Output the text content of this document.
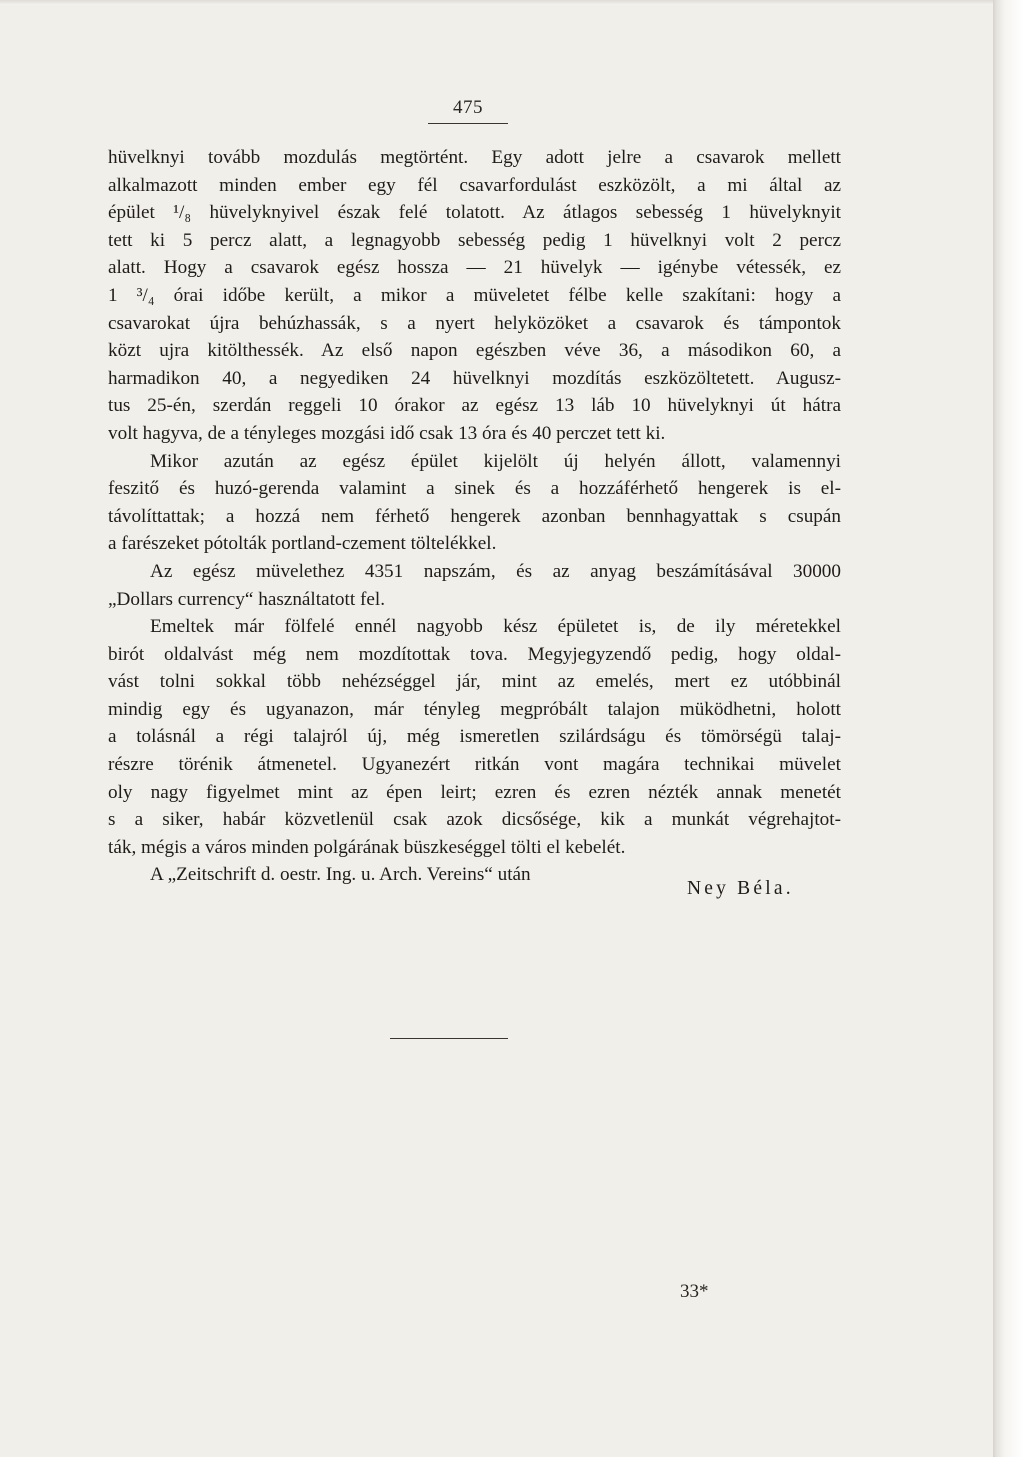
475
hüvelknyi tovább mozdulás megtörtént. Egy adott jelre a csavarok mellett
alkalmazott minden ember egy fél csavarfordulást eszközölt, a mi által az
épület ¹/₈ hüvelyknyivel észak felé tolatott. Az átlagos sebesség 1 hüvelyknyit
tett ki 5 percz alatt, a legnagyobb sebesség pedig 1 hüvelknyi volt 2 percz
alatt. Hogy a csavarok egész hossza — 21 hüvelyk — igénybe vétessék, ez
1 ³/₄ órai időbe került, a mikor a müveletet félbe kelle szakítani: hogy a
csavarokat újra behúzhassák, s a nyert helyközöket a csavarok és támpontok
közt ujra kitölthessék. Az első napon egészben véve 36, a másodikon 60, a
harmadikon 40, a negyediken 24 hüvelknyi mozdítás eszközöltetett. Augusz-
tus 25-én, szerdán reggeli 10 órakor az egész 13 láb 10 hüvelyknyi út hátra
volt hagyva, de a tényleges mozgási idő csak 13 óra és 40 perczet tett ki.
Mikor azután az egész épület kijelölt új helyén állott, valamennyi
feszitő és huzó-gerenda valamint a sinek és a hozzáférhető hengerek is el-
távolíttattak; a hozzá nem férhető hengerek azonban bennhagyattak s csupán
a farészeket pótolták portland-czement töltelékkel.
Az egész müvelethez 4351 napszám, és az anyag beszámításával 30000
„Dollars currency“ használtatott fel.
Emeltek már fölfelé ennél nagyobb kész épületet is, de ily méretekkel
birót oldalvást még nem mozdítottak tova. Megyjegyzendő pedig, hogy oldal-
vást tolni sokkal több nehézséggel jár, mint az emelés, mert ez utóbbinál
mindig egy és ugyanazon, már tényleg megpróbált talajon müködhetni, holott
a tolásnál a régi talajról új, még ismeretlen szilárdságu és tömörségü talaj-
részre törénik átmenetel. Ugyanezért ritkán vont magára technikai müvelet
oly nagy figyelmet mint az épen leirt; ezren és ezren nézték annak menetét
s a siker, habár közvetlenül csak azok dicsősége, kik a munkát végrehajtot-
ták, mégis a város minden polgárának büszkeséggel tölti el kebelét.
A „Zeitschrift d. oestr. Ing. u. Arch. Vereins“ után
Ney Béla.
33*
